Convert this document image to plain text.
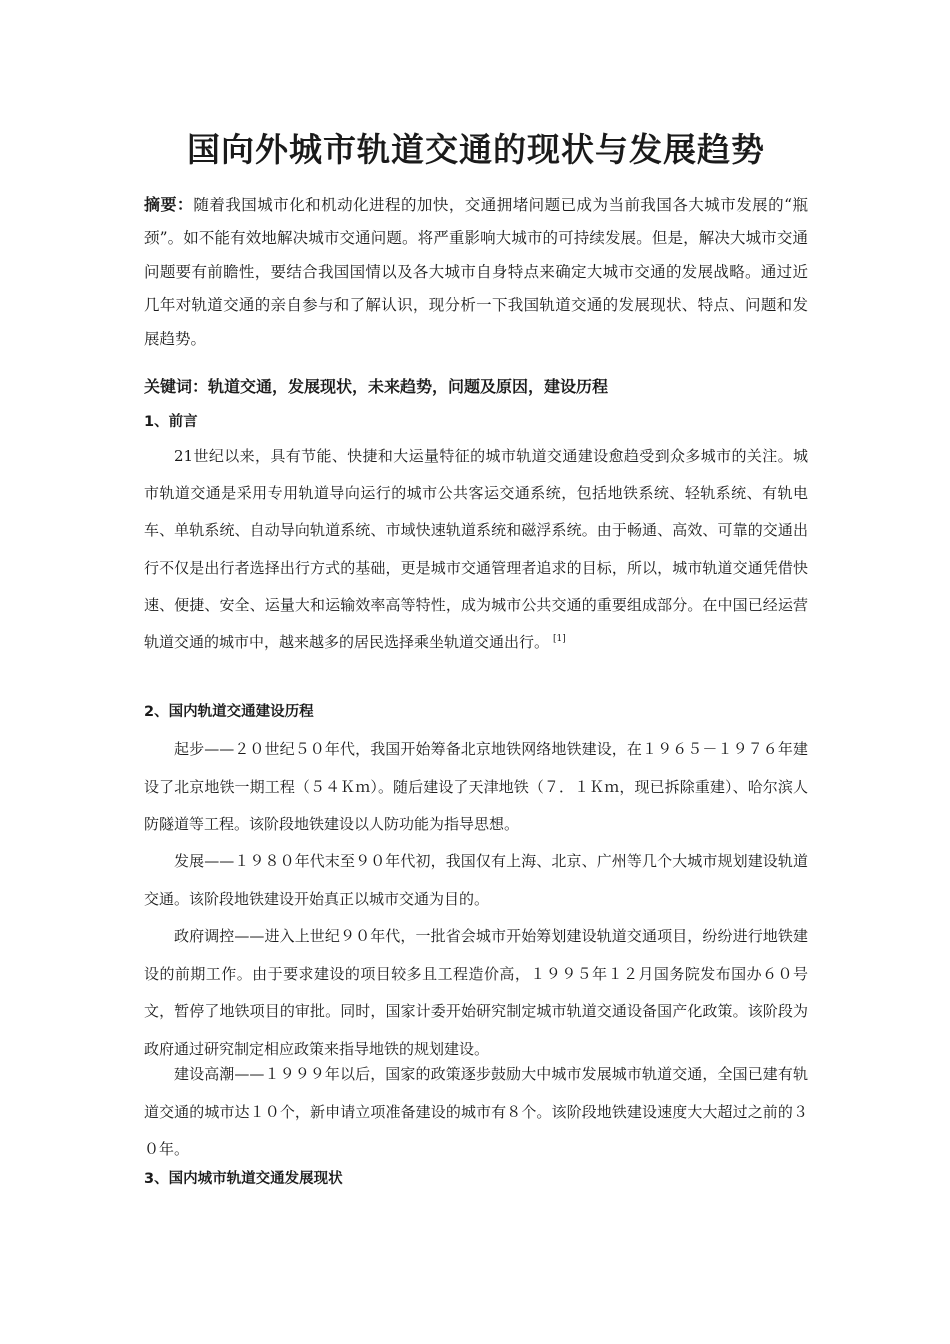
国向外城市轨道交通的现状与发展趋势

摘要：随着我国城市化和机动化进程的加快，交通拥堵问题已成为当前我国各大城市发展的“瓶颈”。如不能有效地解决城市交通问题。将严重影响大城市的可持续发展。但是，解决大城市交通问题要有前瞻性，要结合我国国情以及各大城市自身特点来确定大城市交通的发展战略。通过近几年对轨道交通的亲自参与和了解认识，现分析一下我国轨道交通的发展现状、特点、问题和发展趋势。

关键词：轨道交通，发展现状，未来趋势，问题及原因，建设历程

1、前言

21世纪以来，具有节能、快捷和大运量特征的城市轨道交通建设愈趋受到众多城市的关注。城市轨道交通是采用专用轨道导向运行的城市公共客运交通系统，包括地铁系统、轻轨系统、有轨电车、单轨系统、自动导向轨道系统、市域快速轨道系统和磁浮系统。由于畅通、高效、可靠的交通出行不仅是出行者选择出行方式的基础，更是城市交通管理者追求的目标，所以，城市轨道交通凭借快速、便捷、安全、运量大和运输效率高等特性，成为城市公共交通的重要组成部分。在中国已经运营轨道交通的城市中，越来越多的居民选择乘坐轨道交通出行。 [1]

2、国内轨道交通建设历程

起步——２０世纪５０年代，我国开始筹备北京地铁网络地铁建设，在１９６５－１９７６年建设了北京地铁一期工程（５４Ｋｍ）。随后建设了天津地铁（７．１Ｋｍ，现已拆除重建）、哈尔滨人防隧道等工程。该阶段地铁建设以人防功能为指导思想。

发展——１９８０年代末至９０年代初，我国仅有上海、北京、广州等几个大城市规划建设轨道交通。该阶段地铁建设开始真正以城市交通为目的。

政府调控——进入上世纪９０年代，一批省会城市开始筹划建设轨道交通项目，纷纷进行地铁建设的前期工作。由于要求建设的项目较多且工程造价高，１９９５年１２月国务院发布国办６０号文，暂停了地铁项目的审批。同时，国家计委开始研究制定城市轨道交通设备国产化政策。该阶段为政府通过研究制定相应政策来指导地铁的规划建设。

建设高潮——１９９９年以后，国家的政策逐步鼓励大中城市发展城市轨道交通，全国已建有轨道交通的城市达１０个，新申请立项准备建设的城市有８个。该阶段地铁建设速度大大超过之前的３０年。

3、国内城市轨道交通发展现状
